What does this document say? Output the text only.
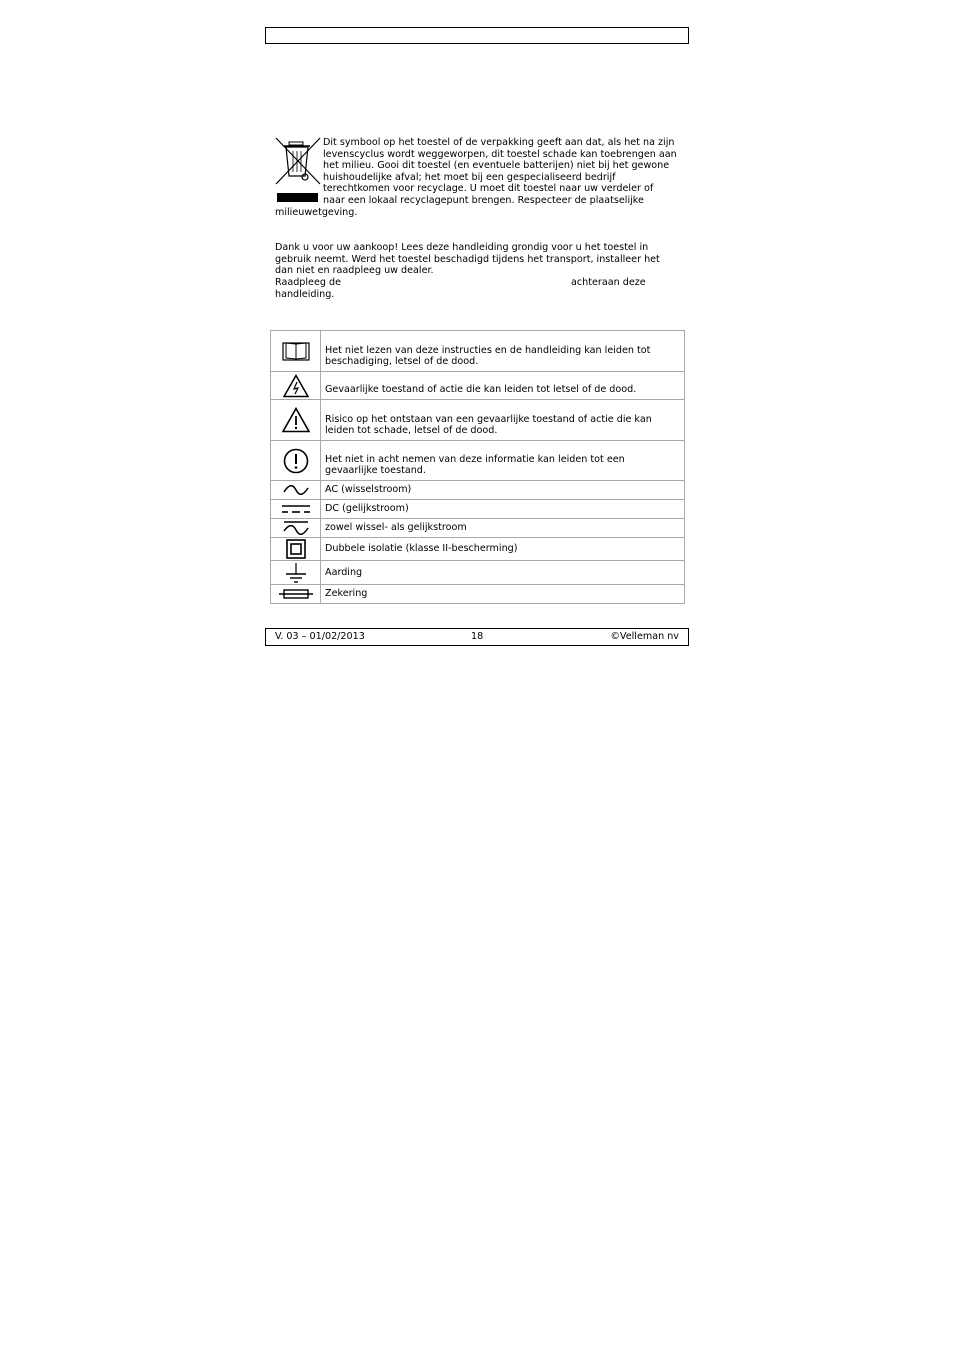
Dit symbool op het toestel of de verpakking geeft aan dat, als het na zijn
levenscyclus wordt weggeworpen, dit toestel schade kan toebrengen aan
het milieu. Gooi dit toestel (en eventuele batterijen) niet bij het gewone
huishoudelijke afval; het moet bij een gespecialiseerd bedrijf
terechtkomen voor recyclage. U moet dit toestel naar uw verdeler of
naar een lokaal recyclagepunt brengen. Respecteer de plaatselijke
milieuwetgeving.
Dank u voor uw aankoop! Lees deze handleiding grondig voor u het toestel in
gebruik neemt. Werd het toestel beschadigd tijdens het transport, installeer het
dan niet en raadpleeg uw dealer.
Raadpleeg de	achteraan deze
handleiding.

Het niet lezen van deze instructies en de handleiding kan leiden tot
beschadiging, letsel of de dood.

Gevaarlijke toestand of actie die kan leiden tot letsel of de dood.

Risico op het ontstaan van een gevaarlijke toestand of actie die kan
leiden tot schade, letsel of de dood.

Het niet in acht nemen van deze informatie kan leiden tot een
gevaarlijke toestand.

AC (wisselstroom)

DC (gelijkstroom)

zowel wissel- als gelijkstroom

Dubbele isolatie (klasse II-bescherming)

Aarding

Zekering
V. 03 – 01/02/2013	18	©Velleman nv
